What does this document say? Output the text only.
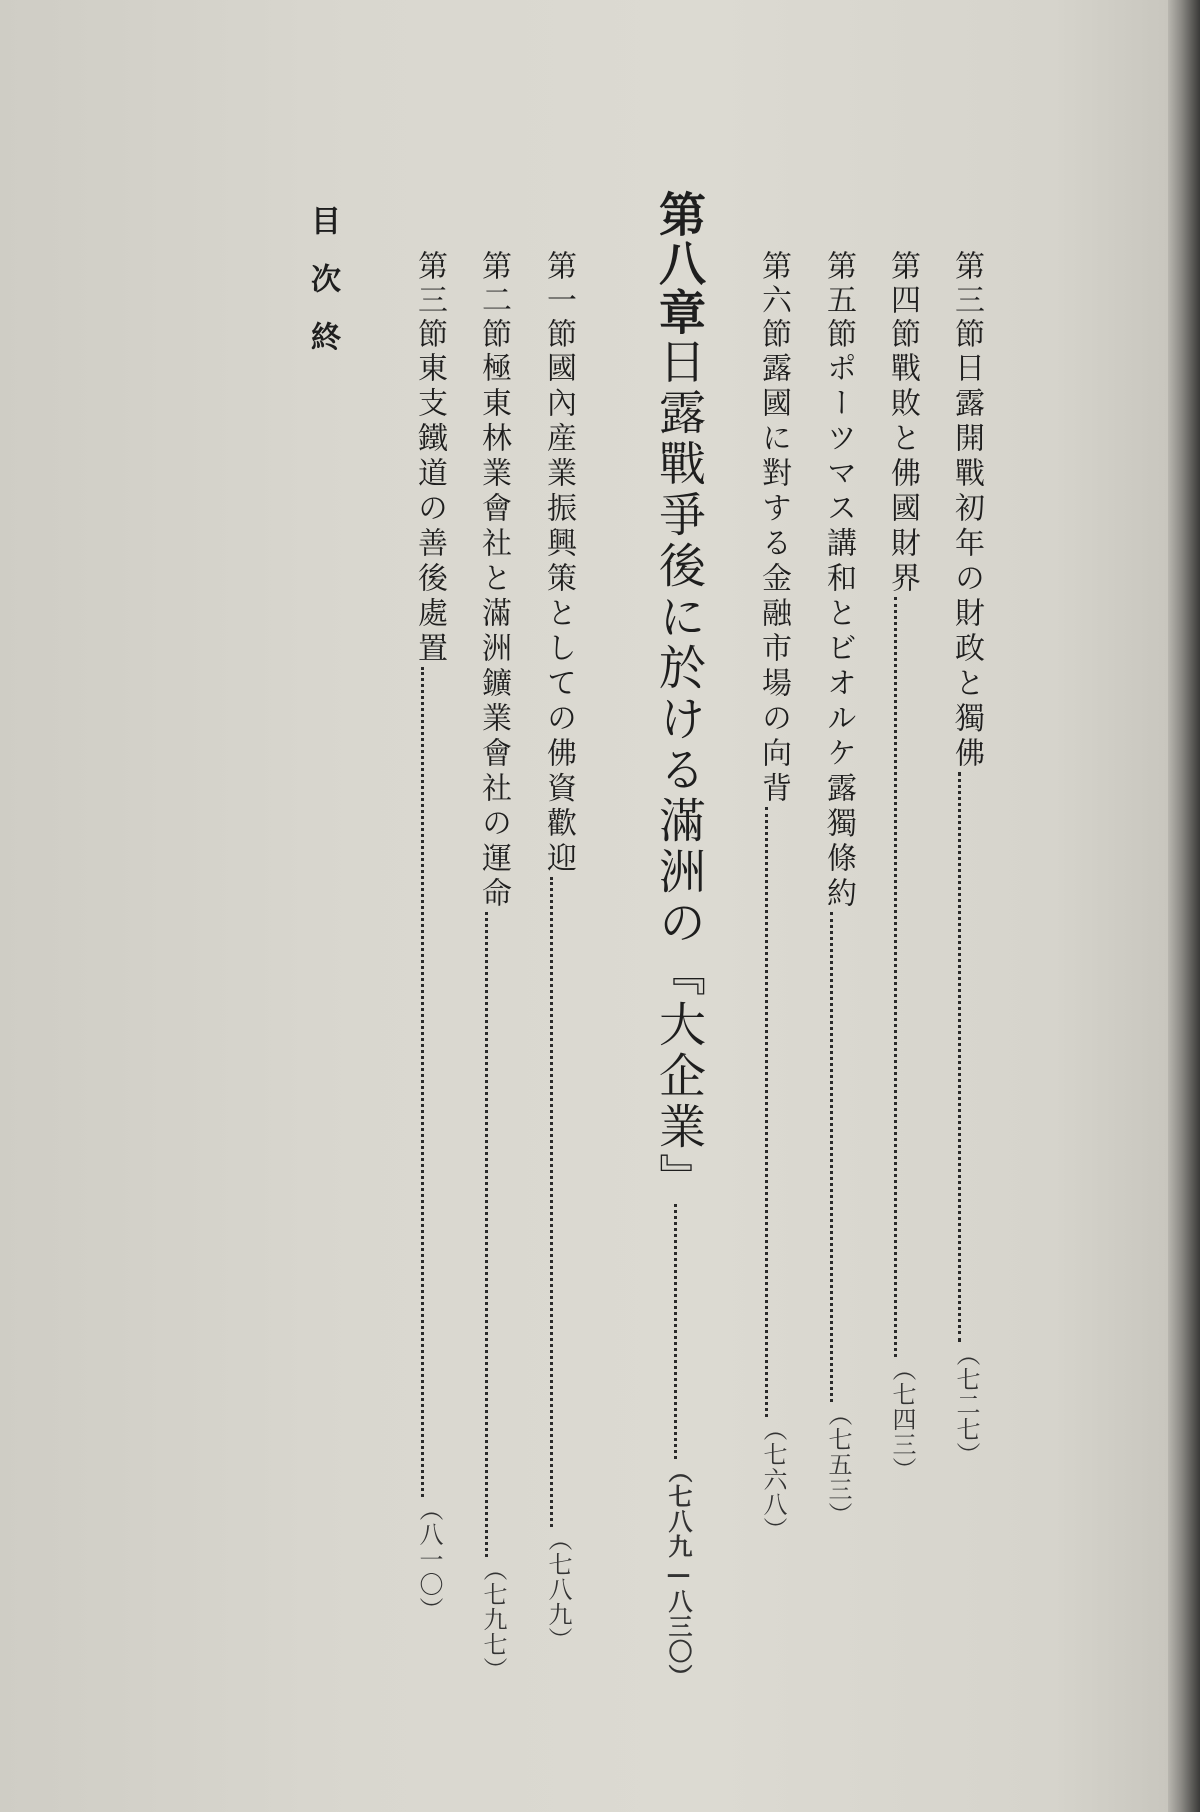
第三節日露開戰初年の財政と獨佛（七二七）
第四節戰敗と佛國財界（七四三）
第五節ポーツマス講和とビオルケ露獨條約（七五三）
第六節露國に對する金融市場の向背（七六八）
第八章日露戰爭後に於ける滿洲の『大企業』（七八九—八三〇）
第一節國內産業振興策としての佛資歡迎（七八九）
第二節極東林業會社と滿洲鑛業會社の運命（七九七）
第三節東支鐵道の善後處置（八一〇）
目次終
